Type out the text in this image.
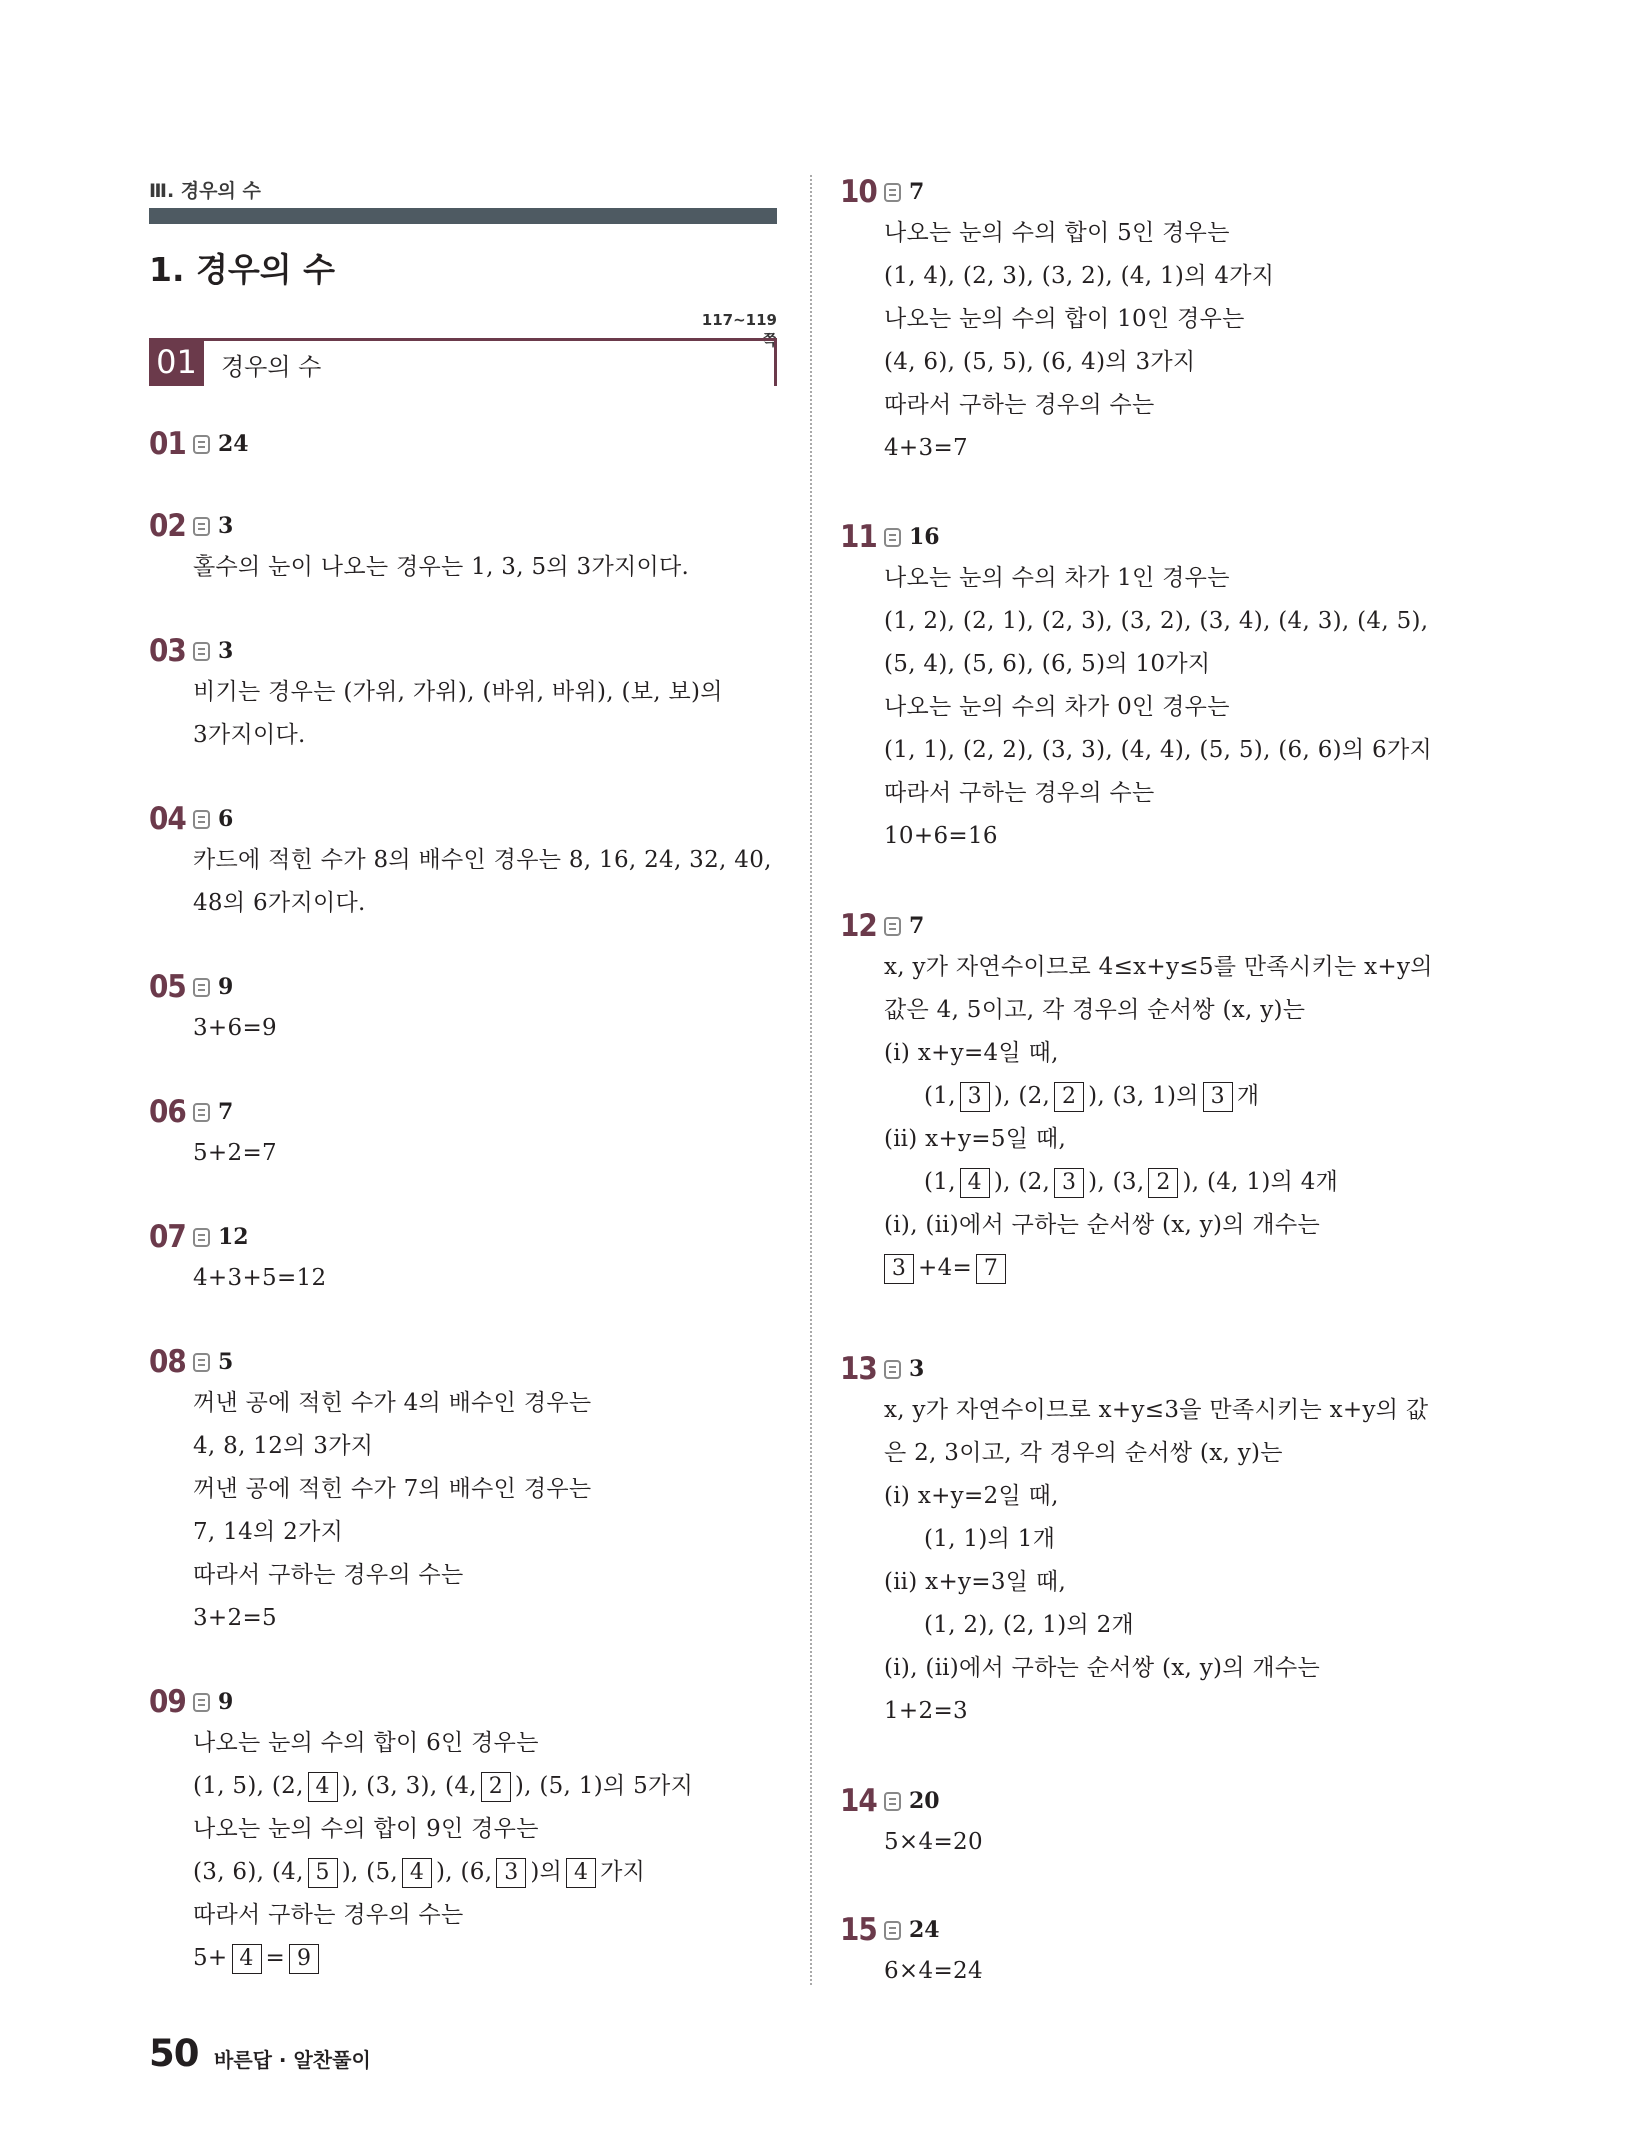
Ⅲ. 경우의 수
1. 경우의 수
117~119쪽
01 경우의 수
01	24
02	3
홀수의 눈이 나오는 경우는 1, 3, 5의 3가지이다.
03	3
비기는 경우는 (가위, 가위), (바위, 바위), (보, 보)의
3가지이다.
04	6
카드에 적힌 수가 8의 배수인 경우는 8, 16, 24, 32, 40,
48의 6가지이다.
05	9
3+6=9
06	7
5+2=7
07	12
4+3+5=12
08	5
꺼낸 공에 적힌 수가 4의 배수인 경우는
4, 8, 12의 3가지
꺼낸 공에 적힌 수가 7의 배수인 경우는
7, 14의 2가지
따라서 구하는 경우의 수는
3+2=5
09	9
나오는 눈의 수의 합이 6인 경우는
(1, 5), (2, 4 ), (3, 3), (4, 2 ), (5, 1)의 5가지
나오는 눈의 수의 합이 9인 경우는
(3, 6), (4, 5 ), (5, 4 ), (6, 3 )의 4 가지
따라서 구하는 경우의 수는
5+ 4 = 9
10	7
나오는 눈의 수의 합이 5인 경우는
(1, 4), (2, 3), (3, 2), (4, 1)의 4가지
나오는 눈의 수의 합이 10인 경우는
(4, 6), (5, 5), (6, 4)의 3가지
따라서 구하는 경우의 수는
4+3=7
11	16
나오는 눈의 수의 차가 1인 경우는
(1, 2), (2, 1), (2, 3), (3, 2), (3, 4), (4, 3), (4, 5),
(5, 4), (5, 6), (6, 5)의 10가지
나오는 눈의 수의 차가 0인 경우는
(1, 1), (2, 2), (3, 3), (4, 4), (5, 5), (6, 6)의 6가지
따라서 구하는 경우의 수는
10+6=16
12	7
x, y가 자연수이므로 4≤x+y≤5를 만족시키는 x+y의
값은 4, 5이고, 각 경우의 순서쌍 (x, y)는
(ⅰ) x+y=4일 때,
(1, 3 ), (2, 2 ), (3, 1)의 3 개
(ⅱ) x+y=5일 때,
(1, 4 ), (2, 3 ), (3, 2 ), (4, 1)의 4개
(ⅰ), (ⅱ)에서 구하는 순서쌍 (x, y)의 개수는
3 +4= 7
13	3
x, y가 자연수이므로 x+y≤3을 만족시키는 x+y의 값
은 2, 3이고, 각 경우의 순서쌍 (x, y)는
(ⅰ) x+y=2일 때,
(1, 1)의 1개
(ⅱ) x+y=3일 때,
(1, 2), (2, 1)의 2개
(ⅰ), (ⅱ)에서 구하는 순서쌍 (x, y)의 개수는
1+2=3
14	20
5×4=20
15	24
6×4=24
50 바른답 · 알찬풀이
